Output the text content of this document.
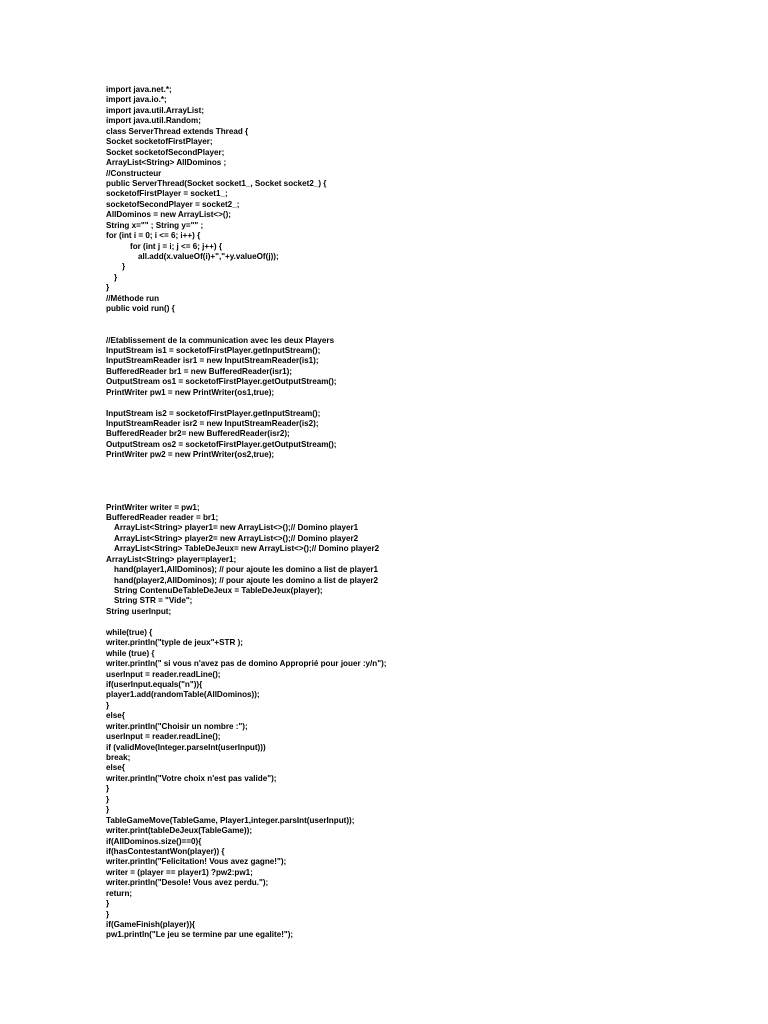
import java.net.*;
import java.io.*;
import java.util.ArrayList;
import java.util.Random;
class ServerThread extends Thread {
Socket socketofFirstPlayer;
Socket socketofSecondPlayer;
ArrayList<String> AllDominos ;
//Constructeur
public ServerThread(Socket socket1_, Socket socket2_) {
socketofFirstPlayer = socket1_;
socketofSecondPlayer = socket2_;
AllDominos = new ArrayList<>();
String x="" ; String y="" ;
for (int i = 0; i <= 6; i++) {
for (int j = i; j <= 6; j++) {
all.add(x.valueOf(i)+","+y.valueOf(j));
}
}
}
//Méthode run
public void run() {
//Etablissement de la communication avec les deux Players
InputStream is1 = socketofFirstPlayer.getInputStream();
InputStreamReader isr1 = new InputStreamReader(is1);
BufferedReader br1 = new BufferedReader(isr1);
OutputStream os1 = socketofFirstPlayer.getOutputStream();
PrintWriter pw1 = new PrintWriter(os1,true);
InputStream is2 = socketofFirstPlayer.getInputStream();
InputStreamReader isr2 = new InputStreamReader(is2);
BufferedReader br2= new BufferedReader(isr2);
OutputStream os2 = socketofFirstPlayer.getOutputStream();
PrintWriter pw2 = new PrintWriter(os2,true);
PrintWriter writer = pw1;
BufferedReader reader = br1;
ArrayList<String> player1= new ArrayList<>();// Domino player1
ArrayList<String> player2= new ArrayList<>();// Domino player2
ArrayList<String> TableDeJeux= new ArrayList<>();// Domino player2
ArrayList<String> player=player1;
hand(player1,AllDominos); // pour ajoute les domino a list de player1
hand(player2,AllDominos); // pour ajoute les domino a list de player2
String ContenuDeTableDeJeux = TableDeJeux(player);
String STR = "Vide";
String userInput;
while(true) {
writer.println("typle de jeux"+STR );
while (true) {
writer.println(" si vous n'avez pas de domino Approprié pour jouer :y/n");
userInput = reader.readLine();
if(userInput.equals("n")){
player1.add(randomTable(AllDominos));
}
else{
writer.println("Choisir un nombre :");
userInput = reader.readLine();
if (validMove(Integer.parseInt(userInput)))
break;
else{
writer.println("Votre choix n'est pas valide");
}
}
}
TableGameMove(TableGame, Player1,integer.parsInt(userInput));
writer.print(tableDeJeux(TableGame));
if(AllDominos.size()==0){
if(hasContestantWon(player)) {
writer.println("Felicitation! Vous avez gagne!");
writer = (player == player1) ?pw2:pw1;
writer.println("Desole! Vous avez perdu.");
return;
}
}
if(GameFinish(player)){
pw1.println("Le jeu se termine par une egalite!");
